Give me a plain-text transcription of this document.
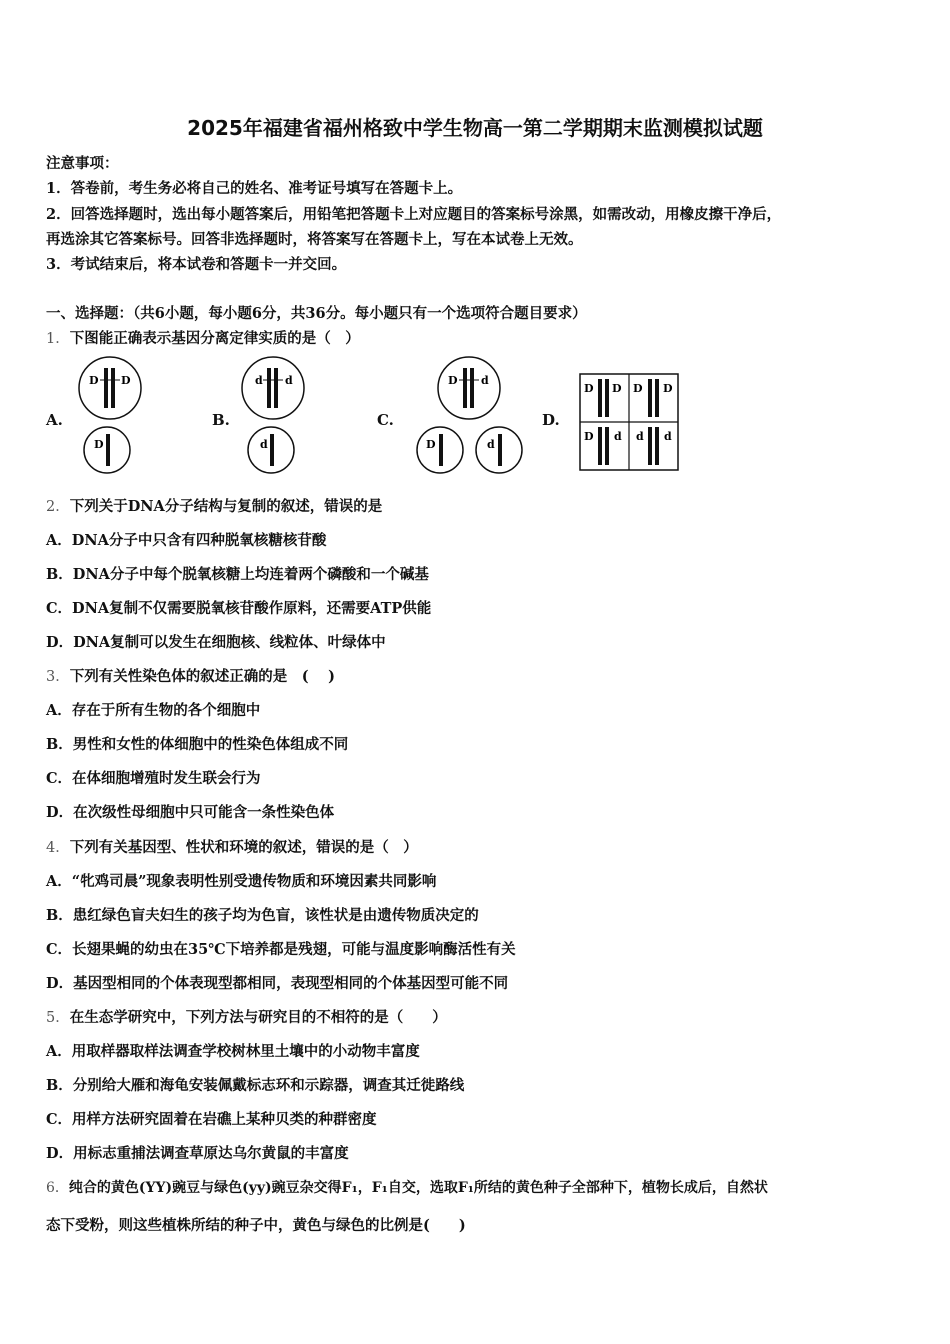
2025年福建省福州格致中学生物高一第二学期期末监测模拟试题
注意事项：
1．答卷前，考生务必将自己的姓名、准考证号填写在答题卡上。
2．回答选择题时，选出每小题答案后，用铅笔把答题卡上对应题目的答案标号涂黑，如需改动，用橡皮擦干净后，
再选涂其它答案标号。回答非选择题时，将答案写在答题卡上，写在本试卷上无效。
3．考试结束后，将本试卷和答题卡一并交回。
一、选择题：（共6小题，每小题6分，共36分。每小题只有一个选项符合题目要求）
1．下图能正确表示基因分离定律实质的是（　）
A.	B.	C.	D.
D D
D
d d
d
D d
D	d
D D D D
D d d d
2．下列关于DNA分子结构与复制的叙述，错误的是
A．DNA分子中只含有四种脱氧核糖核苷酸
B．DNA分子中每个脱氧核糖上均连着两个磷酸和一个碱基
C．DNA复制不仅需要脱氧核苷酸作原料，还需要ATP供能
D．DNA复制可以发生在细胞核、线粒体、叶绿体中
3．下列有关性染色体的叙述正确的是　( 　)
A．存在于所有生物的各个细胞中
B．男性和女性的体细胞中的性染色体组成不同
C．在体细胞增殖时发生联会行为
D．在次级性母细胞中只可能含一条性染色体
4．下列有关基因型、性状和环境的叙述，错误的是（　）
A．“牝鸡司晨”现象表明性别受遗传物质和环境因素共同影响
B．患红绿色盲夫妇生的孩子均为色盲，该性状是由遗传物质决定的
C．长翅果蝇的幼虫在35℃下培养都是残翅，可能与温度影响酶活性有关
D．基因型相同的个体表现型都相同，表现型相同的个体基因型可能不同
5．在生态学研究中，下列方法与研究目的不相符的是（　　）
A．用取样器取样法调查学校树林里土壤中的小动物丰富度
B．分别给大雁和海龟安装佩戴标志环和示踪器，调查其迁徙路线
C．用样方法研究固着在岩礁上某种贝类的种群密度
D．用标志重捕法调查草原达乌尔黄鼠的丰富度
6．纯合的黄色(YY)豌豆与绿色(yy)豌豆杂交得F₁，F₁自交，选取F₁所结的黄色种子全部种下，植物长成后，自然状
态下受粉，则这些植株所结的种子中，黄色与绿色的比例是(　　)
